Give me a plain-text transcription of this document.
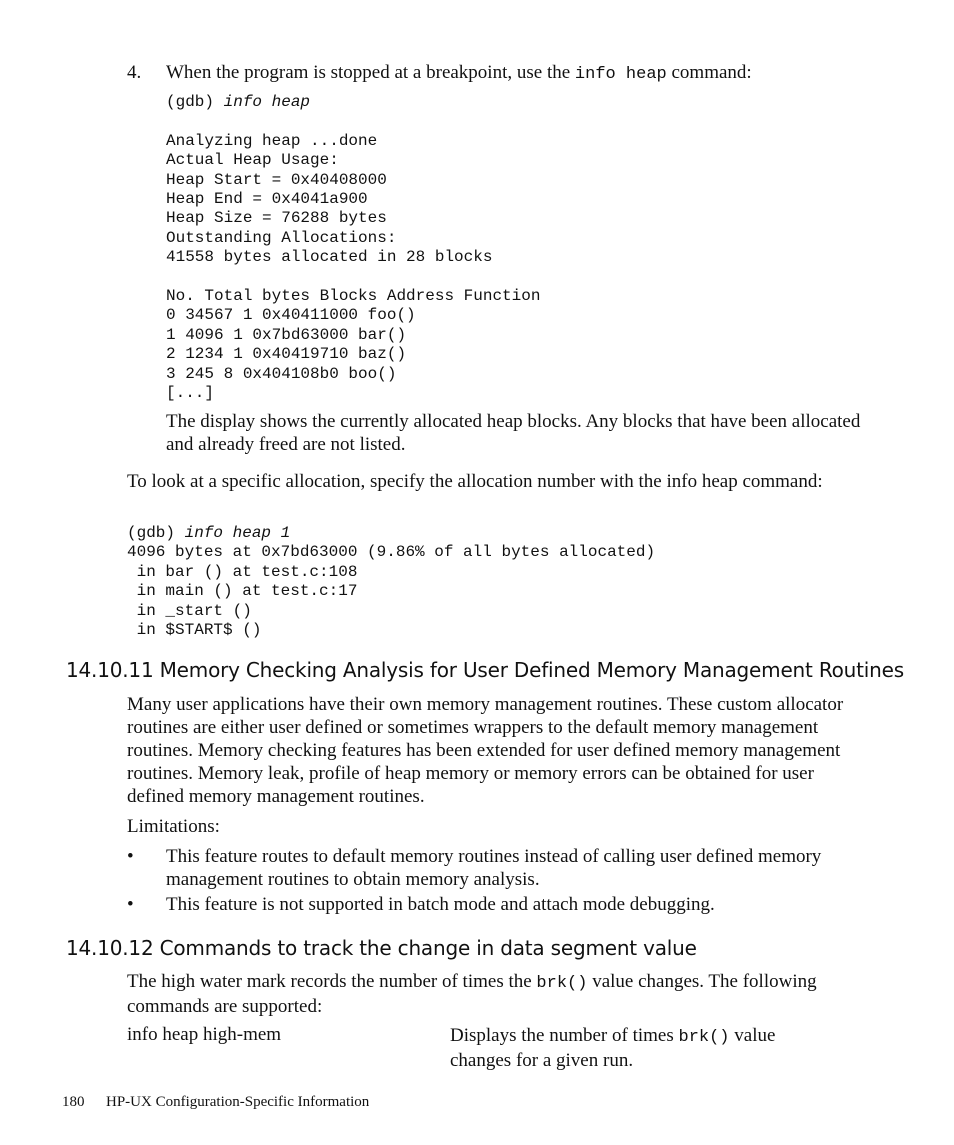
4. When the program is stopped at a breakpoint, use the info heap command:

(gdb) info heap
Analyzing heap ...done
Actual Heap Usage:
Heap Start = 0x40408000
Heap End = 0x4041a900
Heap Size = 76288 bytes
Outstanding Allocations:
41558 bytes allocated in 28 blocks
No. Total bytes Blocks Address Function
0 34567 1 0x40411000 foo()
1 4096 1 0x7bd63000 bar()
2 1234 1 0x40419710 baz()
3 245 8 0x404108b0 boo()
[...]

The display shows the currently allocated heap blocks. Any blocks that have been allocated and already freed are not listed.

To look at a specific allocation, specify the allocation number with the info heap command:

(gdb) info heap 1
4096 bytes at 0x7bd63000 (9.86% of all bytes allocated)
in bar () at test.c:108
in main () at test.c:17
in _start ()
in $START$ ()
14.10.11 Memory Checking Analysis for User Defined Memory Management Routines

Many user applications have their own memory management routines. These custom allocator routines are either user defined or sometimes wrappers to the default memory management routines. Memory checking features has been extended for user defined memory management routines. Memory leak, profile of heap memory or memory errors can be obtained for user defined memory management routines.

Limitations:

• This feature routes to default memory routines instead of calling user defined memory management routines to obtain memory analysis.

• This feature is not supported in batch mode and attach mode debugging.

14.10.12 Commands to track the change in data segment value

The high water mark records the number of times the brk() value changes. The following commands are supported:

info heap high-mem	Displays the number of times brk() value changes for a given run.

180 HP-UX Configuration-Specific Information
